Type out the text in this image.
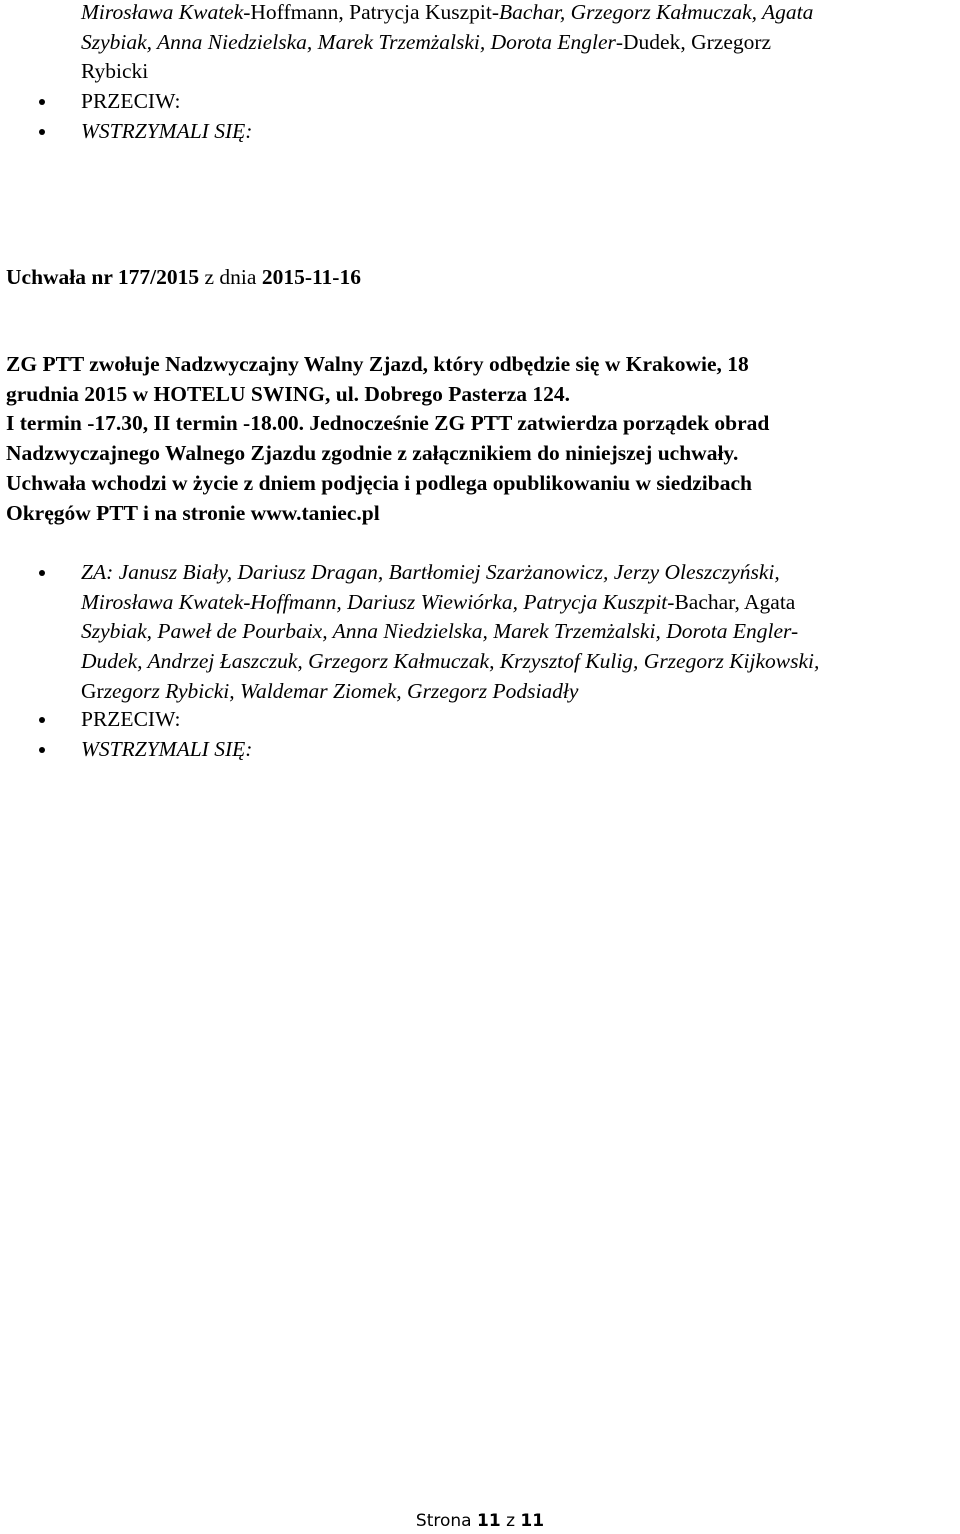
Mirosława Kwatek-Hoffmann, Patrycja Kuszpit-Bachar, Grzegorz Kałmuczak, Agata
Szybiak, Anna Niedzielska, Marek Trzemżalski, Dorota Engler-Dudek, Grzegorz
Rybicki
PRZECIW:
WSTRZYMALI SIĘ:
Uchwała nr 177/2015 z dnia 2015-11-16
ZG PTT zwołuje Nadzwyczajny Walny Zjazd, który odbędzie się w Krakowie, 18
grudnia 2015 w HOTELU SWING, ul. Dobrego Pasterza 124.
I termin -17.30, II termin -18.00. Jednocześnie ZG PTT zatwierdza porządek obrad
Nadzwyczajnego Walnego Zjazdu zgodnie z załącznikiem do niniejszej uchwały.
Uchwała wchodzi w życie z dniem podjęcia i podlega opublikowaniu w siedzibach
Okręgów PTT i na stronie www.taniec.pl
ZA: Janusz Biały, Dariusz Dragan, Bartłomiej Szarżanowicz, Jerzy Oleszczyński,
Mirosława Kwatek-Hoffmann, Dariusz Wiewiórka, Patrycja Kuszpit-Bachar, Agata
Szybiak, Paweł de Pourbaix, Anna Niedzielska, Marek Trzemżalski, Dorota Engler-
Dudek, Andrzej Łaszczuk, Grzegorz Kałmuczak, Krzysztof Kulig, Grzegorz Kijkowski,
Grzegorz Rybicki, Waldemar Ziomek, Grzegorz Podsiadły
PRZECIW:
WSTRZYMALI SIĘ:
Strona 11 z 11
